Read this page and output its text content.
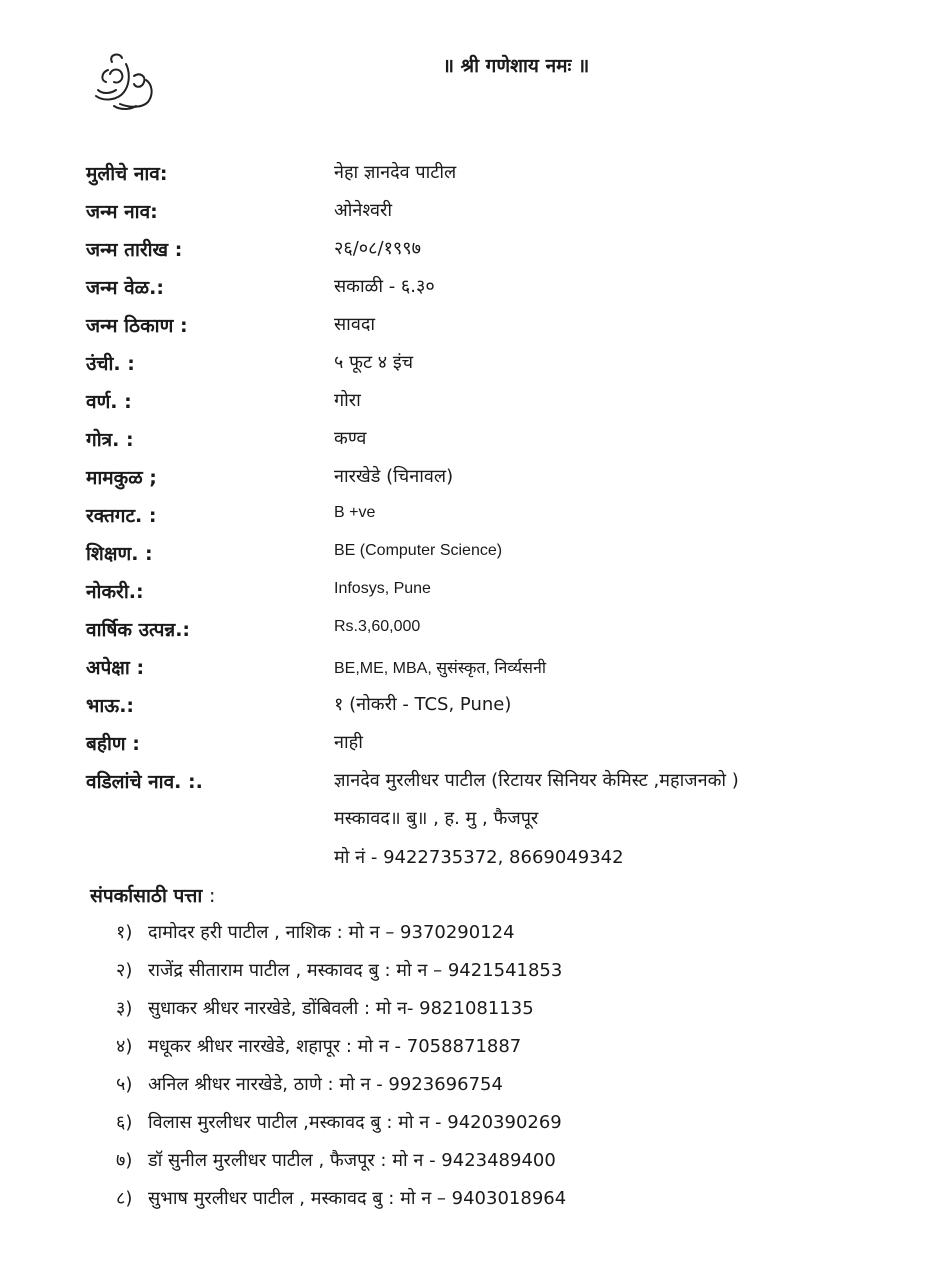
॥ श्री गणेशाय नमः ॥
मुलीचे नाव:	नेहा ज्ञानदेव पाटील
जन्म नाव:	ओनेश्वरी
जन्म तारीख :	२६/०८/१९९७
जन्म वेळ.:	सकाळी - ६.३०
जन्म ठिकाण :	सावदा
उंची. :	५ फूट ४ इंच
वर्ण. :	गोरा
गोत्र. :	कण्व
मामकुळ ;	नारखेडे (चिनावल)
रक्तगट. :	B +ve
शिक्षण. :	BE (Computer Science)
नोकरी.:	Infosys, Pune
वार्षिक उत्पन्न.:	Rs.3,60,000
अपेक्षा :	BE,ME, MBA, सुसंस्कृत, निर्व्यसनी
भाऊ.:	१ (नोकरी - TCS, Pune)
बहीण :	नाही
वडिलांचे नाव. :.	ज्ञानदेव मुरलीधर पाटील (रिटायर सिनियर केमिस्ट ,महाजनको )
मस्कावद॥ बु॥ , ह. मु , फैजपूर
मो नं - 9422735372, 8669049342
संपर्कासाठी पत्ता :
१) दामोदर हरी पाटील , नाशिक : मो न – 9370290124
२) राजेंद्र सीताराम पाटील , मस्कावद बु : मो न – 9421541853
३) सुधाकर श्रीधर नारखेडे, डोंबिवली : मो न- 9821081135
४) मधूकर श्रीधर नारखेडे, शहापूर : मो न - 7058871887
५) अनिल श्रीधर नारखेडे, ठाणे : मो न - 9923696754
६) विलास मुरलीधर पाटील ,मस्कावद बु : मो न - 9420390269
७) डॉ सुनील मुरलीधर पाटील , फैजपूर : मो न - 9423489400
८) सुभाष मुरलीधर पाटील , मस्कावद बु : मो न – 9403018964
